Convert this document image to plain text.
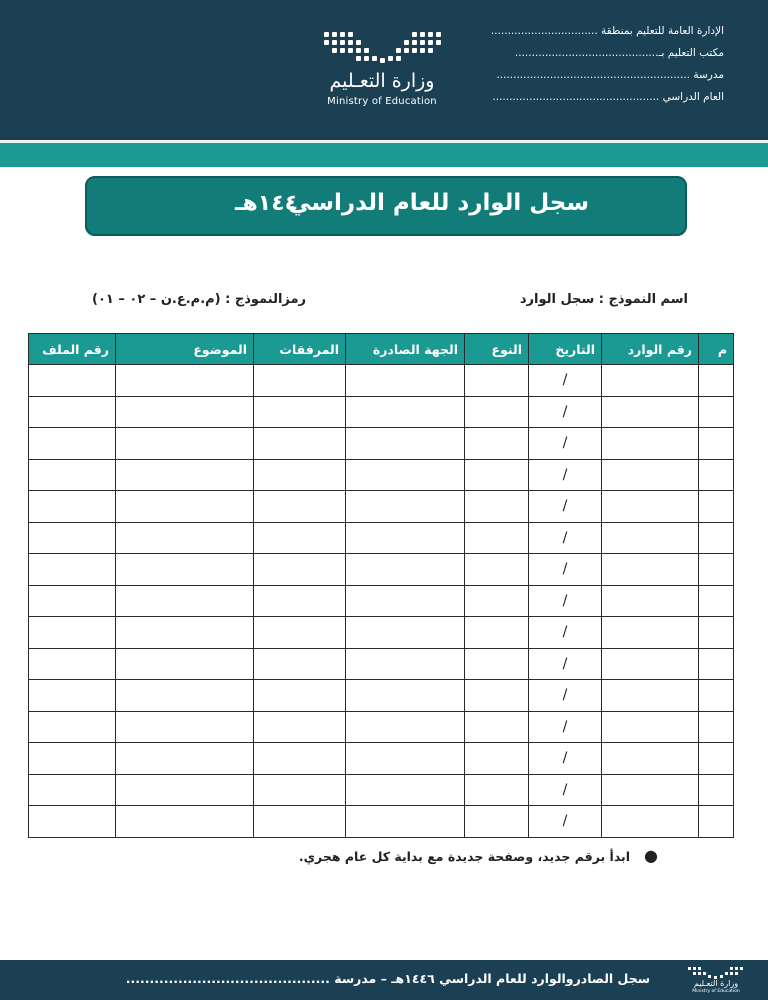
وزارة التعـليم
Ministry of Education
الإدارة العامة للتعليم بمنطقة ................................
مكتب التعليم بـ...........................................
مدرسة ..........................................................
العام الدراسي ..................................................
سجل الوارد للعام الدراسي
١٤٤هـ
اسم النموذج : سجل الوارد
رمزالنموذج : (م.م.ع.ن – ٠٢ – ٠١)
م	رقم الوارد	التاريخ	النوع	الجهة الصادرة	المرفقات	الموضوع	رقم الملف
		/					
		/					
		/					
		/					
		/					
		/					
		/					
		/					
		/					
		/					
		/					
		/					
		/					
		/					
		/					
●ابدأ برقم جديد، وصفحة جديدة مع بداية كل عام هجري.
سجل الصادروالوارد للعام الدراسي ١٤٤٦هـ – مدرسة ...........................................	وزارة التعـليم
Ministry of Education
